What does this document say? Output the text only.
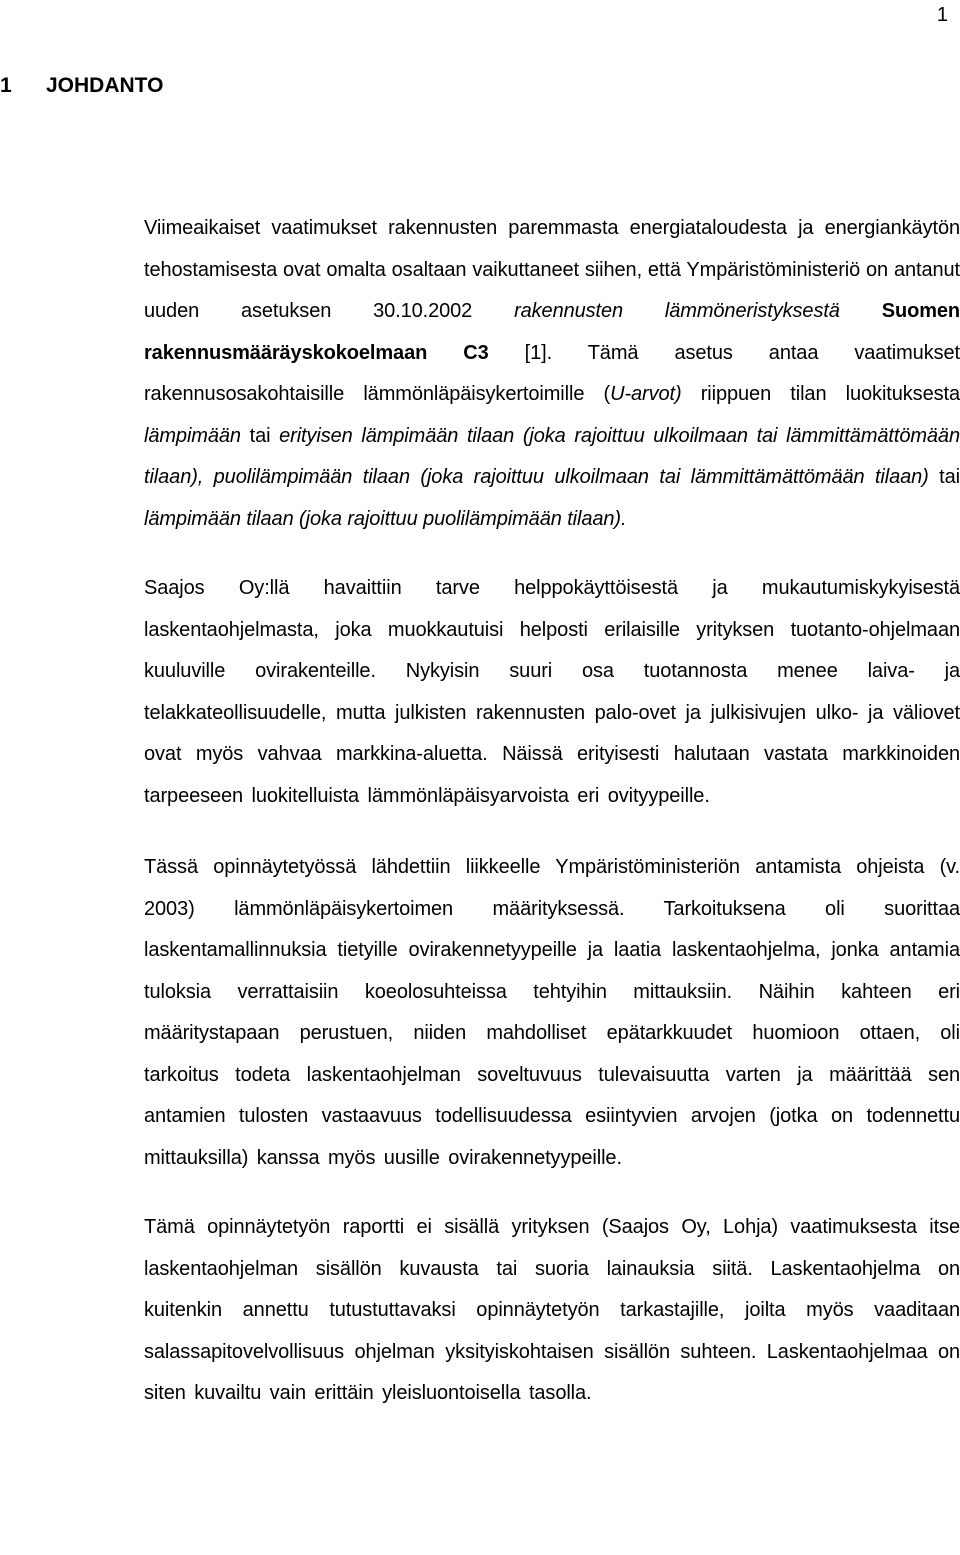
1
1 JOHDANTO

Viimeaikaiset vaatimukset rakennusten paremmasta energiataloudesta ja energiankäytön tehostamisesta ovat omalta osaltaan vaikuttaneet siihen, että Ympäristöministeriö on antanut uuden asetuksen 30.10.2002 rakennusten lämmöneristyksestä Suomen rakennusmääräyskokoelmaan C3 [1]. Tämä asetus antaa vaatimukset rakennusosakohtaisille lämmönläpäisykertoimille (U-arvot) riippuen tilan luokituksesta lämpimään tai erityisen lämpimään tilaan (joka rajoittuu ulkoilmaan tai lämmittämättömään tilaan), puolilämpimään tilaan (joka rajoittuu ulkoilmaan tai lämmittämättömään tilaan) tai lämpimään tilaan (joka rajoittuu puolilämpimään tilaan).

Saajos Oy:llä havaittiin tarve helppokäyttöisestä ja mukautumiskykyisestä laskentaohjelmasta, joka muokkautuisi helposti erilaisille yrityksen tuotanto-ohjelmaan kuuluville ovirakenteille. Nykyisin suuri osa tuotannosta menee laiva- ja telakkateollisuudelle, mutta julkisten rakennusten palo-ovet ja julkisivujen ulko- ja väliovet ovat myös vahvaa markkina-aluetta. Näissä erityisesti halutaan vastata markkinoiden tarpeeseen luokitelluista lämmönläpäisyarvoista eri ovityypeille.

Tässä opinnäytetyössä lähdettiin liikkeelle Ympäristöministeriön antamista ohjeista (v. 2003) lämmönläpäisykertoimen määrityksessä. Tarkoituksena oli suorittaa laskentamallinnuksia tietyille ovirakennetyypeille ja laatia laskentaohjelma, jonka antamia tuloksia verrattaisiin koeolosuhteissa tehtyihin mittauksiin. Näihin kahteen eri määritystapaan perustuen, niiden mahdolliset epätarkkuudet huomioon ottaen, oli tarkoitus todeta laskentaohjelman soveltuvuus tulevaisuutta varten ja määrittää sen antamien tulosten vastaavuus todellisuudessa esiintyvien arvojen (jotka on todennettu mittauksilla) kanssa myös uusille ovirakennetyypeille.

Tämä opinnäytetyön raportti ei sisällä yrityksen (Saajos Oy, Lohja) vaatimuksesta itse laskentaohjelman sisällön kuvausta tai suoria lainauksia siitä. Laskentaohjelma on kuitenkin annettu tutustuttavaksi opinnäytetyön tarkastajille, joilta myös vaaditaan salassapitovelvollisuus ohjelman yksityiskohtaisen sisällön suhteen. Laskentaohjelmaa on siten kuvailtu vain erittäin yleisluontoisella tasolla.
